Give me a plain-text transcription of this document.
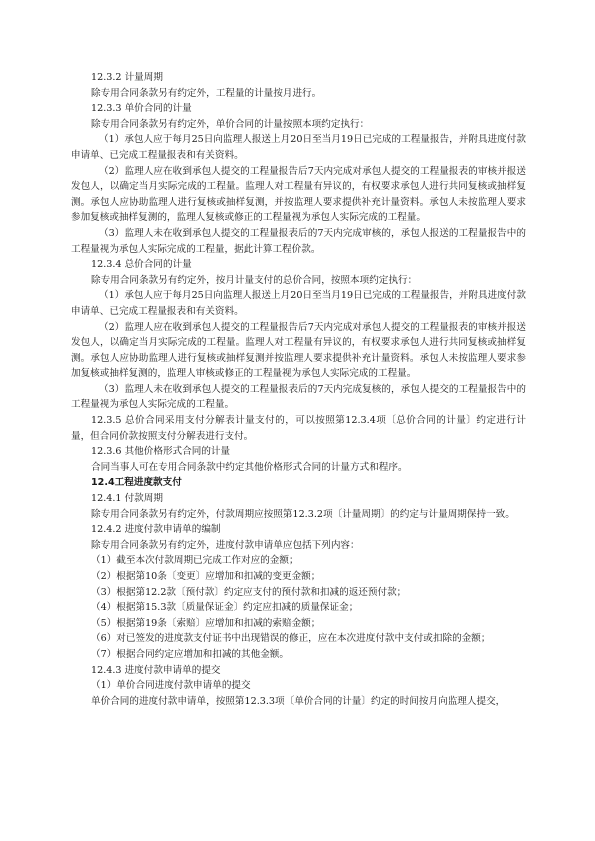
12.3.2 计量周期
除专用合同条款另有约定外，工程量的计量按月进行。
12.3.3 单价合同的计量
除专用合同条款另有约定外，单价合同的计量按照本项约定执行：
（1）承包人应于每月25日向监理人报送上月20日至当月19日已完成的工程量报告，并附具进度付款申请单、已完成工程量报表和有关资料。
（2）监理人应在收到承包人提交的工程量报告后7天内完成对承包人提交的工程量报表的审核并报送发包人，以确定当月实际完成的工程量。监理人对工程量有异议的，有权要求承包人进行共同复核或抽样复测。承包人应协助监理人进行复核或抽样复测，并按监理人要求提供补充计量资料。承包人未按监理人要求参加复核或抽样复测的，监理人复核或修正的工程量视为承包人实际完成的工程量。
（3）监理人未在收到承包人提交的工程量报表后的7天内完成审核的，承包人报送的工程量报告中的工程量视为承包人实际完成的工程量，据此计算工程价款。
12.3.4 总价合同的计量
除专用合同条款另有约定外，按月计量支付的总价合同，按照本项约定执行：
（1）承包人应于每月25日向监理人报送上月20日至当月19日已完成的工程量报告，并附具进度付款申请单、已完成工程量报表和有关资料。
（2）监理人应在收到承包人提交的工程量报告后7天内完成对承包人提交的工程量报表的审核并报送发包人，以确定当月实际完成的工程量。监理人对工程量有异议的，有权要求承包人进行共同复核或抽样复测。承包人应协助监理人进行复核或抽样复测并按监理人要求提供补充计量资料。承包人未按监理人要求参加复核或抽样复测的，监理人审核或修正的工程量视为承包人实际完成的工程量。
（3）监理人未在收到承包人提交的工程量报表后的7天内完成复核的，承包人提交的工程量报告中的工程量视为承包人实际完成的工程量。
12.3.5 总价合同采用支付分解表计量支付的，可以按照第12.3.4项〔总价合同的计量〕约定进行计量，但合同价款按照支付分解表进行支付。
12.3.6 其他价格形式合同的计量
合同当事人可在专用合同条款中约定其他价格形式合同的计量方式和程序。
12.4工程进度款支付
12.4.1 付款周期
除专用合同条款另有约定外，付款周期应按照第12.3.2项〔计量周期〕的约定与计量周期保持一致。
12.4.2 进度付款申请单的编制
除专用合同条款另有约定外，进度付款申请单应包括下列内容：
（1）截至本次付款周期已完成工作对应的金额；
（2）根据第10条〔变更〕应增加和扣减的变更金额；
（3）根据第12.2款〔预付款〕约定应支付的预付款和扣减的返还预付款；
（4）根据第15.3款〔质量保证金〕约定应扣减的质量保证金；
（5）根据第19条〔索赔〕应增加和扣减的索赔金额；
（6）对已签发的进度款支付证书中出现错误的修正，应在本次进度付款中支付或扣除的金额；
（7）根据合同约定应增加和扣减的其他金额。
12.4.3 进度付款申请单的提交
（1）单价合同进度付款申请单的提交
单价合同的进度付款申请单，按照第12.3.3项〔单价合同的计量〕约定的时间按月向监理人提交，
